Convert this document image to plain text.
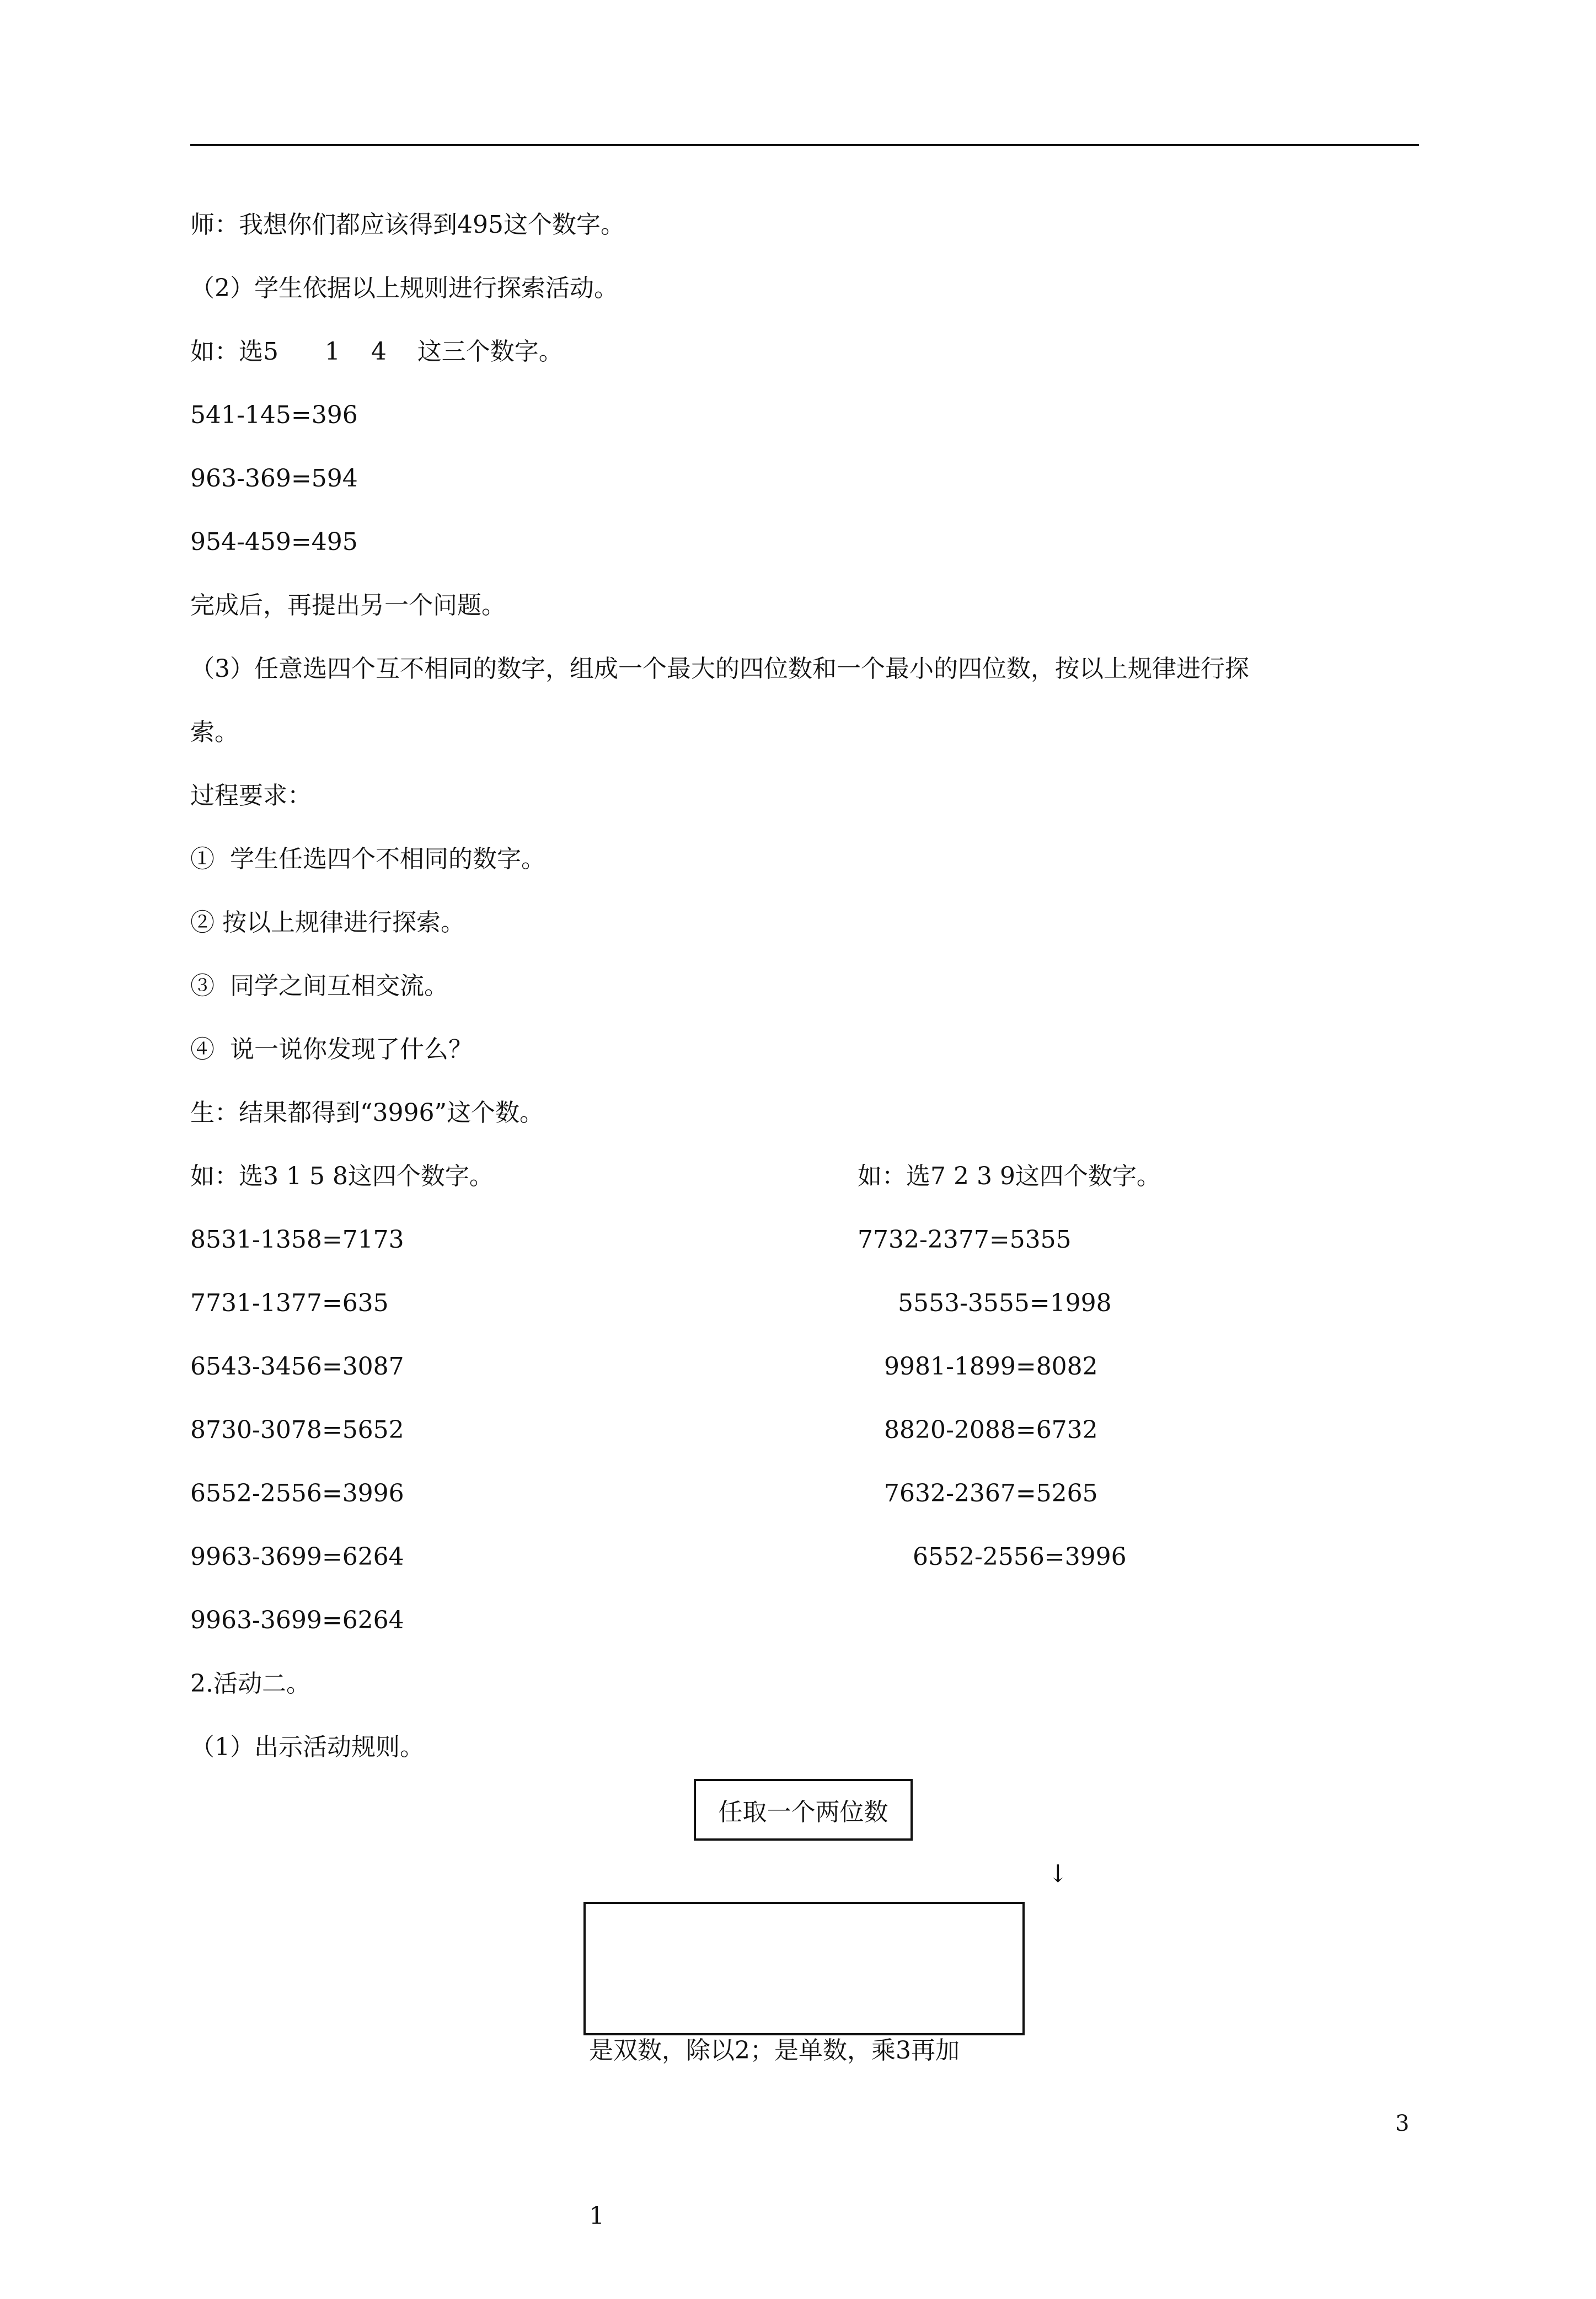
师：我想你们都应该得到495这个数字。
（2）学生依据以上规则进行探索活动。
如：选5      1    4    这三个数字。
541-145=396
963-369=594
954-459=495
完成后，再提出另一个问题。
（3）任意选四个互不相同的数字，组成一个最大的四位数和一个最小的四位数，按以上规律进行探
索。
过程要求：
①  学生任选四个不相同的数字。
② 按以上规律进行探索。
③  同学之间互相交流。
④  说一说你发现了什么？
生：结果都得到“3996”这个数。
如：选3 1 5 8这四个数字。
8531-1358=7173
7731-1377=635
6543-3456=3087
8730-3078=5652
6552-2556=3996
9963-3699=6264
9963-3699=6264
如：选7 2 3 9这四个数字。
7732-2377=5355
5553-3555=1998
9981-1899=8082
8820-2088=6732
7632-2367=5265
6552-2556=3996
2.活动二。
（1）出示活动规则。
任取一个两位数
↓

是双数，除以2；是单数，乘3再加

1

3
